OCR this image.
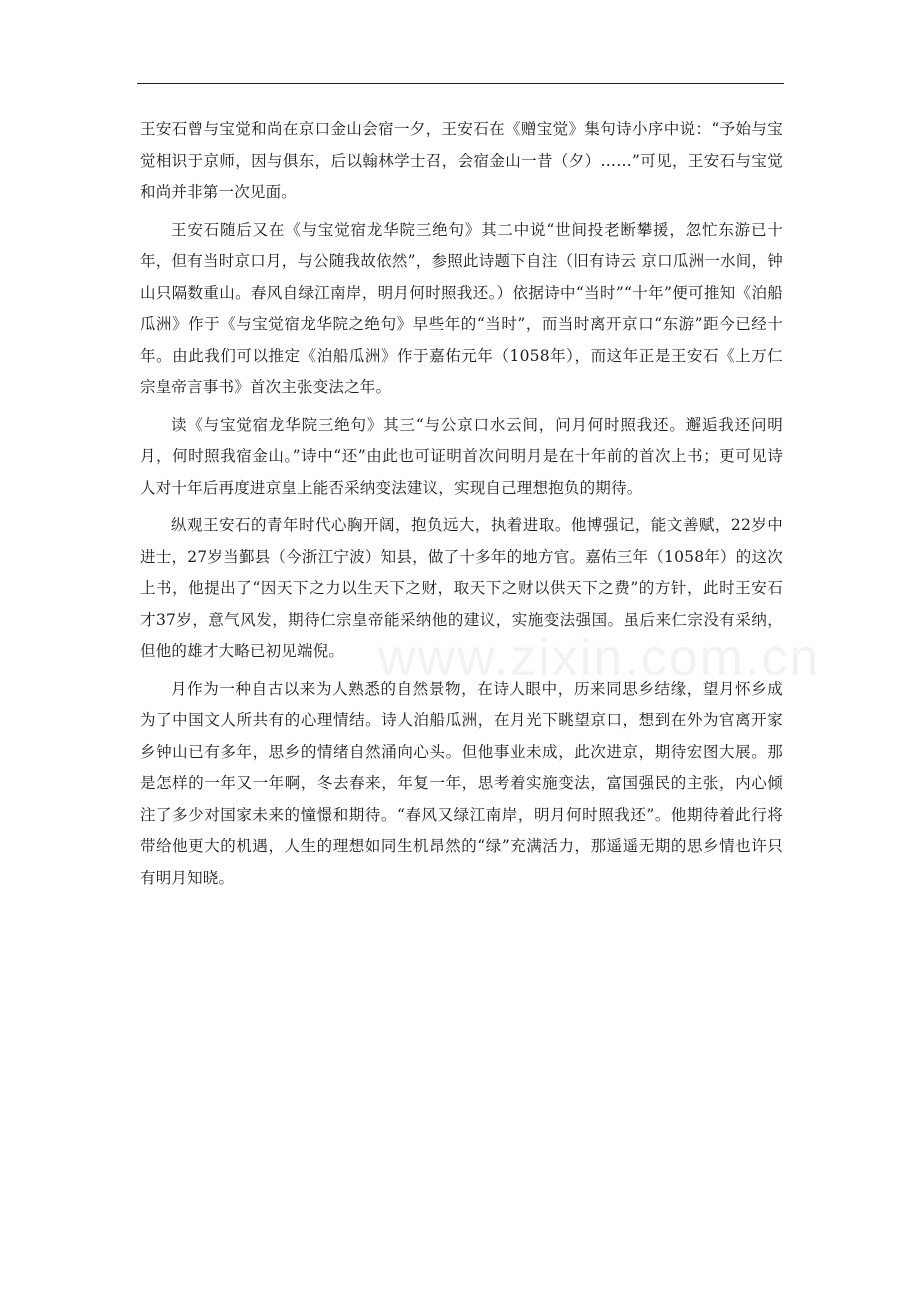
王安石曾与宝觉和尚在京口金山会宿一夕，王安石在《赠宝觉》集句诗小序中说：“予始与宝觉相识于京师，因与俱东，后以翰林学士召，会宿金山一昔（夕）……”可见，王安石与宝觉和尚并非第一次见面。

王安石随后又在《与宝觉宿龙华院三绝句》其二中说“世间投老断攀援，忽忙东游已十年，但有当时京口月，与公随我故依然”，参照此诗题下自注（旧有诗云 京口瓜洲一水间，钟山只隔数重山。春风自绿江南岸，明月何时照我还。）依据诗中“当时”“十年”便可推知《泊船瓜洲》作于《与宝觉宿龙华院之绝句》早些年的“当时”，而当时离开京口“东游”距今已经十年。由此我们可以推定《泊船瓜洲》作于嘉佑元年（1058年），而这年正是王安石《上万仁宗皇帝言事书》首次主张变法之年。

读《与宝觉宿龙华院三绝句》其三“与公京口水云间，问月何时照我还。邂逅我还问明月，何时照我宿金山。”诗中“还”由此也可证明首次问明月是在十年前的首次上书；更可见诗人对十年后再度进京皇上能否采纳变法建议，实现自己理想抱负的期待。

纵观王安石的青年时代心胸开阔，抱负远大，执着进取。他博强记，能文善赋，22岁中进士，27岁当鄞县（今浙江宁波）知县，做了十多年的地方官。嘉佑三年（1058年）的这次上书，他提出了“因天下之力以生天下之财，取天下之财以供天下之费”的方针，此时王安石才37岁，意气风发，期待仁宗皇帝能采纳他的建议，实施变法强国。虽后来仁宗没有采纳，但他的雄才大略已初见端倪。

月作为一种自古以来为人熟悉的自然景物，在诗人眼中，历来同思乡结缘，望月怀乡成为了中国文人所共有的心理情结。诗人泊船瓜洲，在月光下眺望京口，想到在外为官离开家乡钟山已有多年，思乡的情绪自然涌向心头。但他事业未成，此次进京，期待宏图大展。那是怎样的一年又一年啊，冬去春来，年复一年，思考着实施变法，富国强民的主张，内心倾注了多少对国家未来的憧憬和期待。“春风又绿江南岸，明月何时照我还”。他期待着此行将带给他更大的机遇，人生的理想如同生机昂然的“绿”充满活力，那遥遥无期的思乡情也许只有明月知晓。

www.zixin.com.cn
